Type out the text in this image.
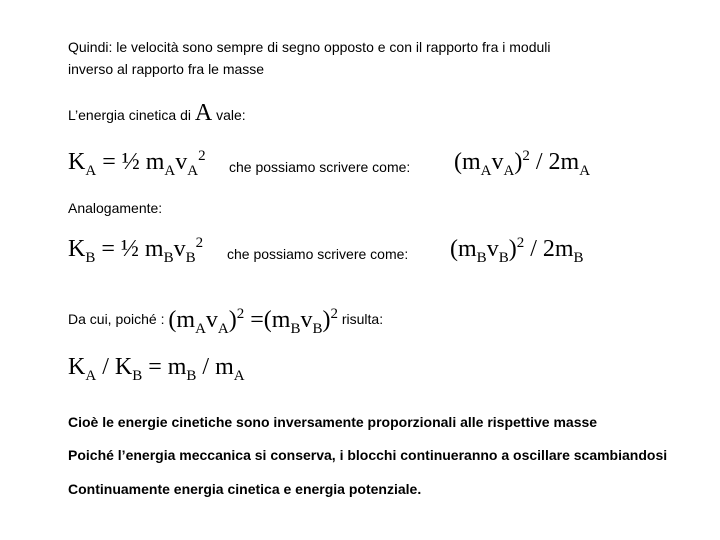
Quindi: le velocità sono sempre di segno opposto e con il rapporto fra i moduli
inverso al rapporto fra le masse
L’energia cinetica di A vale:
$K_A$ = ½ $m_Av_A^2$
che possiamo scrivere come: $(m_Av_A)^2 / 2m_A$
Analogamente:
$K_B$ = ½ $m_Bv_B^2$
che possiamo scrivere come: $(m_Bv_B)^2 / 2m_B$
Da cui, poiché : $(m_Av_A)^2 =(m_Bv_B)^2$ risulta:
$K_A / K_B = m_B / m_A$
Cioè le energie cinetiche sono inversamente proporzionali alle rispettive masse
Poiché l’energia meccanica si conserva, i blocchi continueranno a oscillare scambiandosi
Continuamente energia cinetica e energia potenziale.
